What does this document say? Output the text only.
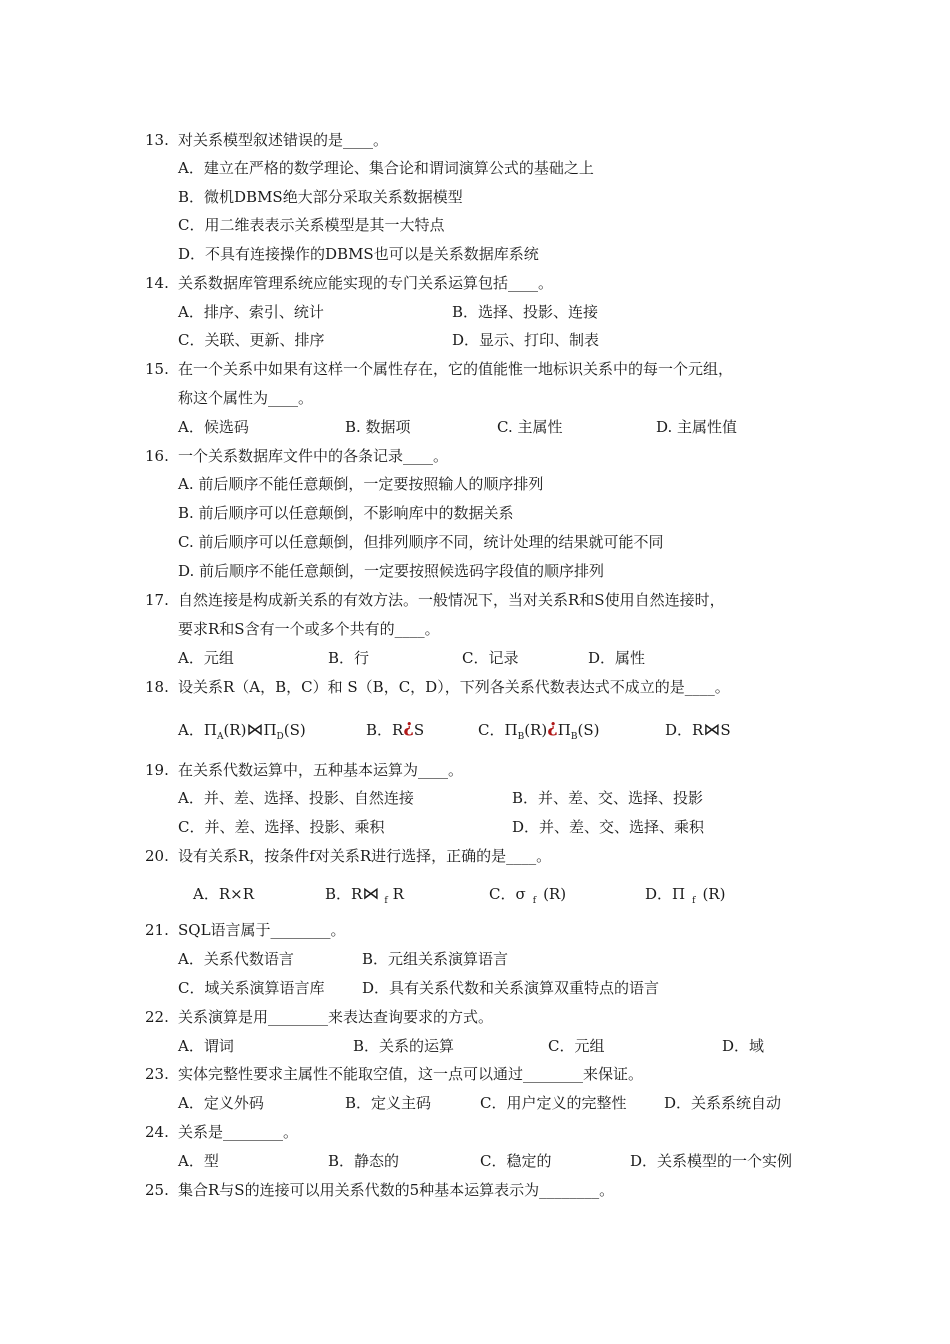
13. 对关系模型叙述错误的是____。
A．建立在严格的数学理论、集合论和谓词演算公式的基础之上
B．微机DBMS绝大部分采取关系数据模型
C．用二维表表示关系模型是其一大特点
D．不具有连接操作的DBMS也可以是关系数据库系统
14. 关系数据库管理系统应能实现的专门关系运算包括____。
A．排序、索引、统计	B．选择、投影、连接
C．关联、更新、排序	D．显示、打印、制表
15. 在一个关系中如果有这样一个属性存在，它的值能惟一地标识关系中的每一个元组，
称这个属性为____。
A．候选码	B. 数据项	C. 主属性	D. 主属性值
16. 一个关系数据库文件中的各条记录____。
A. 前后顺序不能任意颠倒，一定要按照输人的顺序排列
B. 前后顺序可以任意颠倒，不影响库中的数据关系
C. 前后顺序可以任意颠倒，但排列顺序不同，统计处理的结果就可能不同
D. 前后顺序不能任意颠倒，一定要按照候选码字段值的顺序排列
17. 自然连接是构成新关系的有效方法。一般情况下，当对关系R和S使用自然连接时，
要求R和S含有一个或多个共有的____。
A．元组	B．行	C．记录	D．属性
18. 设关系R（A，B，C）和 S（B，C，D），下列各关系代数表达式不成立的是____。
A．$\Pi_A(R)⋈\Pi_D(S)$	B．R¿S	C．$\Pi_B(R)¿\Pi_B(S)$	D．R⋈S
19. 在关系代数运算中，五种基本运算为____。
A．并、差、选择、投影、自然连接	B．并、差、交、选择、投影
C．并、差、选择、投影、乘积	D．并、差、交、选择、乘积
20. 设有关系R，按条件f对关系R进行选择，正确的是____。
A．R×R	B．R⋈ $_f$ R	C．σ $_f$ (R)	D．Π $_f$ (R)
21. SQL语言属于________。
A．关系代数语言	B．元组关系演算语言
C．域关系演算语言库	D．具有关系代数和关系演算双重特点的语言
22. 关系演算是用________来表达查询要求的方式。
A．谓词	B．关系的运算	C．元组	D．域
23. 实体完整性要求主属性不能取空值，这一点可以通过________来保证。
A．定义外码	B．定义主码	C．用户定义的完整性	D．关系系统自动
24. 关系是________。
A．型	B．静态的	C．稳定的	D．关系模型的一个实例
25. 集合R与S的连接可以用关系代数的5种基本运算表示为________。
